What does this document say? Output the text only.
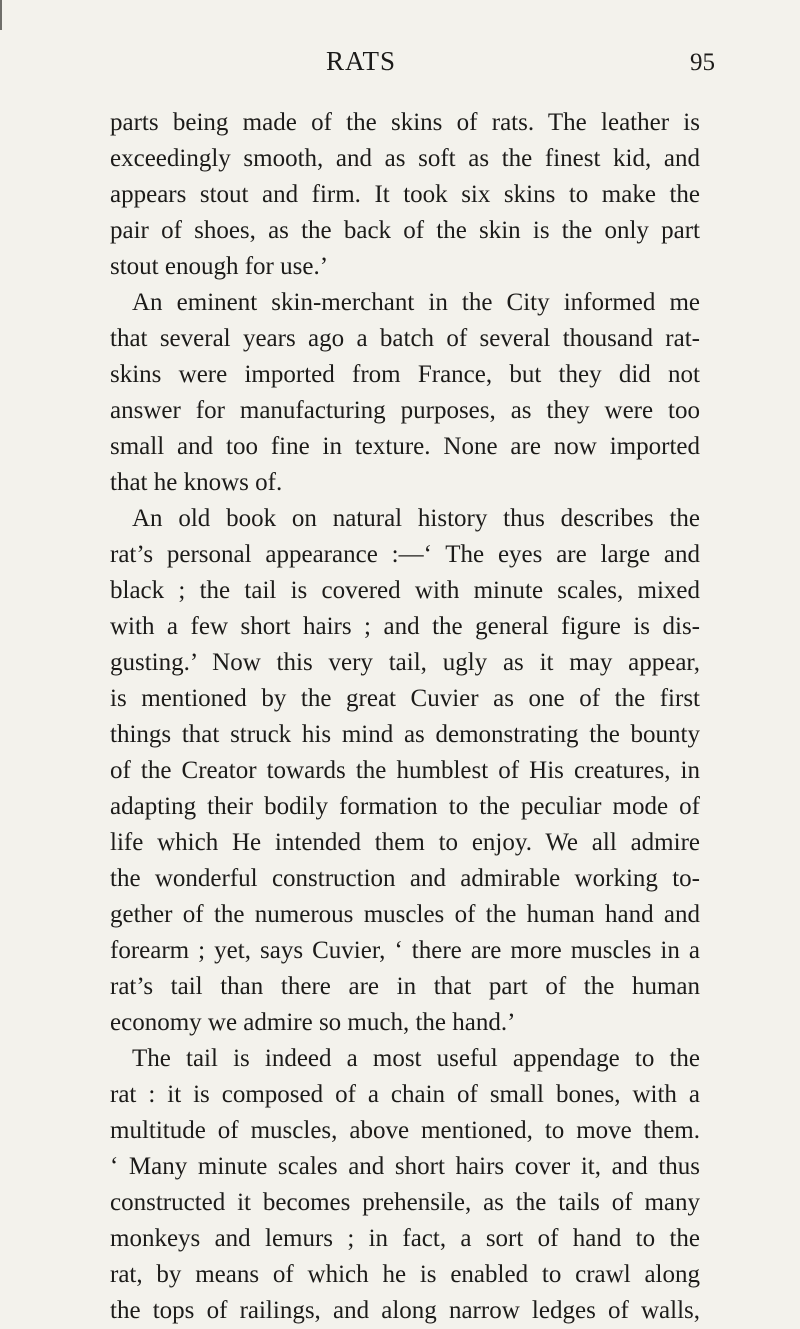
RATS	95
parts being made of the skins of rats. The leather is
exceedingly smooth, and as soft as the finest kid, and
appears stout and firm. It took six skins to make the
pair of shoes, as the back of the skin is the only part
stout enough for use.’
An eminent skin-merchant in the City informed me
that several years ago a batch of several thousand rat-
skins were imported from France, but they did not
answer for manufacturing purposes, as they were too
small and too fine in texture. None are now imported
that he knows of.
An old book on natural history thus describes the
rat’s personal appearance :—‘ The eyes are large and
black ; the tail is covered with minute scales, mixed
with a few short hairs ; and the general figure is dis-
gusting.’ Now this very tail, ugly as it may appear,
is mentioned by the great Cuvier as one of the first
things that struck his mind as demonstrating the bounty
of the Creator towards the humblest of His creatures, in
adapting their bodily formation to the peculiar mode of
life which He intended them to enjoy. We all admire
the wonderful construction and admirable working to-
gether of the numerous muscles of the human hand and
forearm ; yet, says Cuvier, ‘ there are more muscles in a
rat’s tail than there are in that part of the human
economy we admire so much, the hand.’
The tail is indeed a most useful appendage to the
rat : it is composed of a chain of small bones, with a
multitude of muscles, above mentioned, to move them.
‘ Many minute scales and short hairs cover it, and thus
constructed it becomes prehensile, as the tails of many
monkeys and lemurs ; in fact, a sort of hand to the
rat, by means of which he is enabled to crawl along
the tops of railings, and along narrow ledges of walls,
